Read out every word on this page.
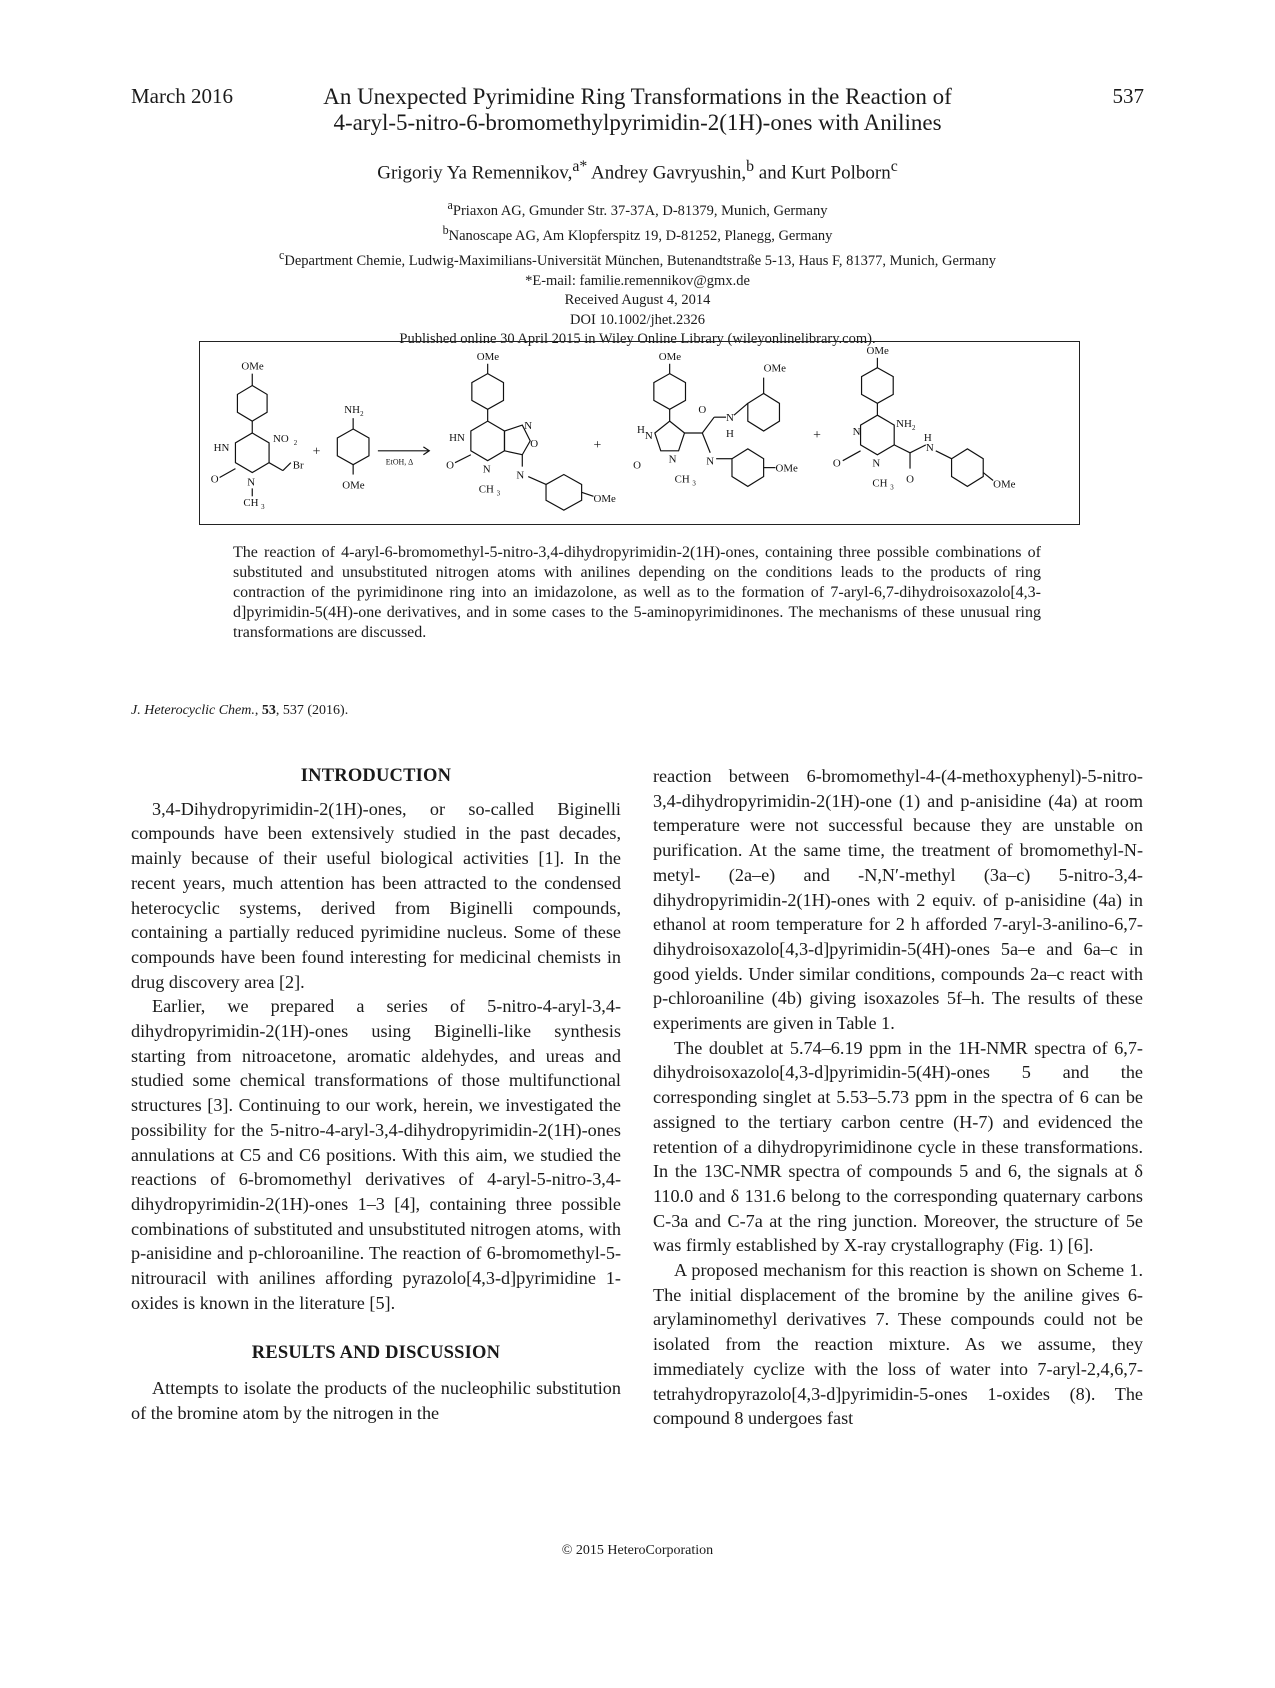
March 2016	537
An Unexpected Pyrimidine Ring Transformations in the Reaction of
4-aryl-5-nitro-6-bromomethylpyrimidin-2(1H)-ones with Anilines
Grigoriy Ya Remennikov,$^{a*}$ Andrey Gavryushin,$^b$ and Kurt Polborn$^c$
$^a$Priaxon AG, Gmunder Str. 37-37A, D-81379, Munich, Germany
$^b$Nanoscape AG, Am Klopferspitz 19, D-81252, Planegg, Germany
$^c$Department Chemie, Ludwig-Maximilians-Universität München, Butenandtstraße 5-13, Haus F, 81377, Munich, Germany
*E-mail: familie.remennikov@gmx.de
Received August 4, 2014
DOI 10.1002/jhet.2326
Published online 30 April 2015 in Wiley Online Library (wileyonlinelibrary.com).
OMe
NO 2
Br
HN
O	N
CH 3
+
NH 2
OMe
EtOH, Δ
OMe
N
O
HN
O	N
CH 3
N
OMe
+
OMe
H N
O	N
CH 3
O
N
H
OMe
N
OMe
+
OMe
NH 2
N
O	N
CH 3
O
H
N
OMe
The reaction of 4-aryl-6-bromomethyl-5-nitro-3,4-dihydropyrimidin-2(1H)-ones, containing three possible combinations of substituted and unsubstituted nitrogen atoms with anilines depending on the conditions leads to the products of ring contraction of the pyrimidinone ring into an imidazolone, as well as to the formation of 7-aryl-6,7-dihydroisoxazolo[4,3-d]pyrimidin-5(4H)-one derivatives, and in some cases to the 5-aminopyrimidinones. The mechanisms of these unusual ring transformations are discussed.
J. Heterocyclic Chem., 53, 537 (2016).
INTRODUCTION

3,4-Dihydropyrimidin-2(1H)-ones, or so-called Biginelli compounds have been extensively studied in the past decades, mainly because of their useful biological activities [1]. In the recent years, much attention has been attracted to the condensed heterocyclic systems, derived from Biginelli compounds, containing a partially reduced pyrimidine nucleus. Some of these compounds have been found interesting for medicinal chemists in drug discovery area [2].

Earlier, we prepared a series of 5-nitro-4-aryl-3,4-dihydropyrimidin-2(1H)-ones using Biginelli-like synthesis starting from nitroacetone, aromatic aldehydes, and ureas and studied some chemical transformations of those multifunctional structures [3]. Continuing to our work, herein, we investigated the possibility for the 5-nitro-4-aryl-3,4-dihydropyrimidin-2(1H)-ones annulations at C5 and C6 positions. With this aim, we studied the reactions of 6-bromomethyl derivatives of 4-aryl-5-nitro-3,4-dihydropyrimidin-2(1H)-ones 1–3 [4], containing three possible combinations of substituted and unsubstituted nitrogen atoms, with p-anisidine and p-chloroaniline. The reaction of 6-bromomethyl-5-nitrouracil with anilines affording pyrazolo[4,3-d]pyrimidine 1-oxides is known in the literature [5].

RESULTS AND DISCUSSION

Attempts to isolate the products of the nucleophilic substitution of the bromine atom by the nitrogen in the

reaction between 6-bromomethyl-4-(4-methoxyphenyl)-5-nitro-3,4-dihydropyrimidin-2(1H)-one (1) and p-anisidine (4a) at room temperature were not successful because they are unstable on purification. At the same time, the treatment of bromomethyl-N-metyl- (2a–e) and -N,N′-methyl (3a–c) 5-nitro-3,4-dihydropyrimidin-2(1H)-ones with 2 equiv. of p-anisidine (4a) in ethanol at room temperature for 2 h afforded 7-aryl-3-anilino-6,7-dihydroisoxazolo[4,3-d]pyrimidin-5(4H)-ones 5a–e and 6a–c in good yields. Under similar conditions, compounds 2a–c react with p-chloroaniline (4b) giving isoxazoles 5f–h. The results of these experiments are given in Table 1.

The doublet at 5.74–6.19 ppm in the 1H-NMR spectra of 6,7-dihydroisoxazolo[4,3-d]pyrimidin-5(4H)-ones 5 and the corresponding singlet at 5.53–5.73 ppm in the spectra of 6 can be assigned to the tertiary carbon centre (H-7) and evidenced the retention of a dihydropyrimidinone cycle in these transformations. In the 13C-NMR spectra of compounds 5 and 6, the signals at δ 110.0 and δ 131.6 belong to the corresponding quaternary carbons C-3a and C-7a at the ring junction. Moreover, the structure of 5e was firmly established by X-ray crystallography (Fig. 1) [6].

A proposed mechanism for this reaction is shown on Scheme 1. The initial displacement of the bromine by the aniline gives 6-arylaminomethyl derivatives 7. These compounds could not be isolated from the reaction mixture. As we assume, they immediately cyclize with the loss of water into 7-aryl-2,4,6,7-tetrahydropyrazolo[4,3-d]pyrimidin-5-ones 1-oxides (8). The compound 8 undergoes fast

© 2015 HeteroCorporation
